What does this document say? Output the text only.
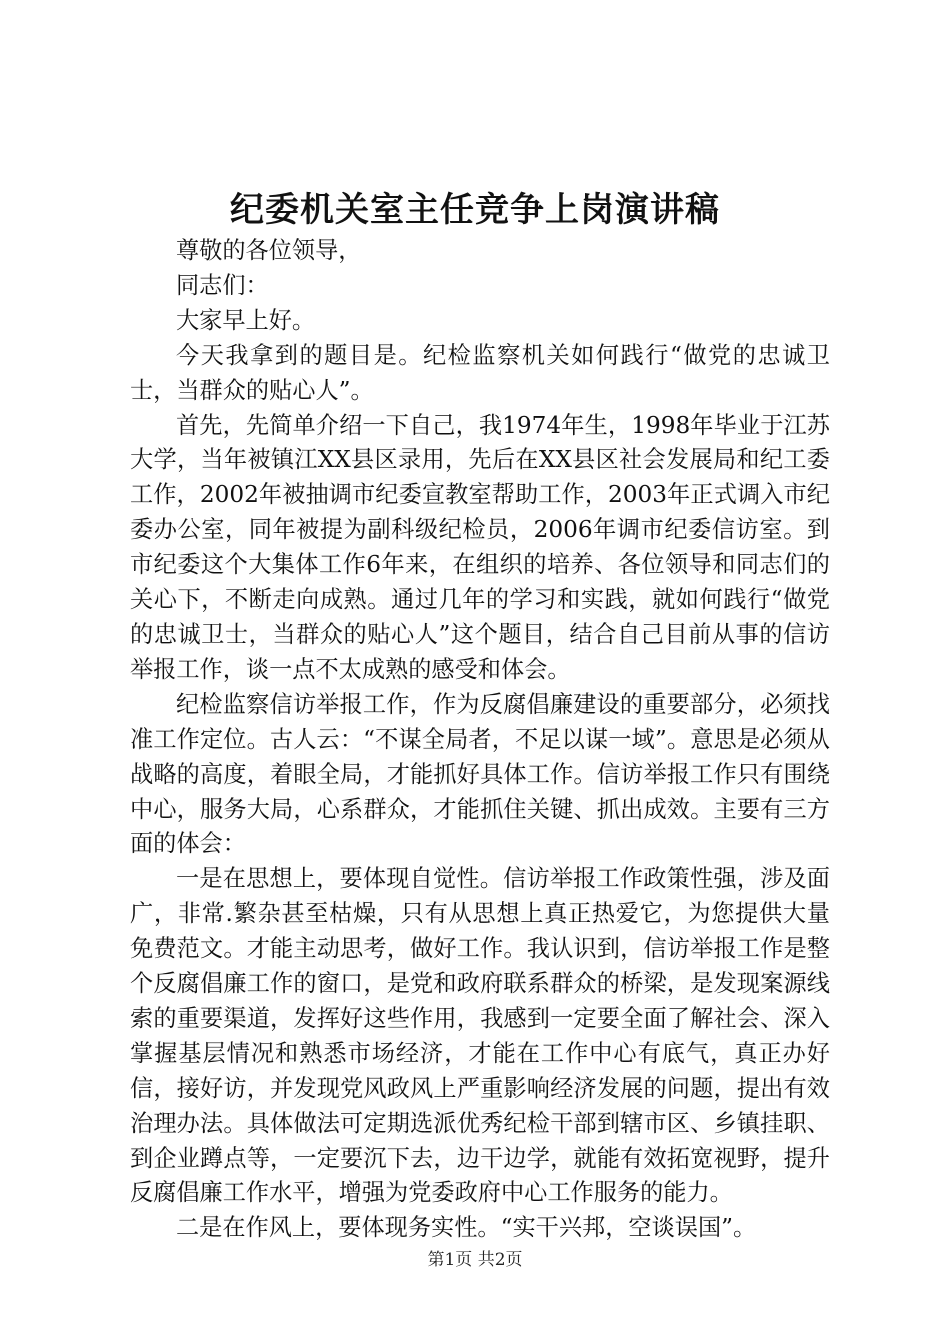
纪委机关室主任竞争上岗演讲稿

尊敬的各位领导，

同志们：

大家早上好。

今天我拿到的题目是。纪检监察机关如何践行“做党的忠诚卫士，当群众的贴心人”。

首先，先简单介绍一下自己，我1974年生，1998年毕业于江苏大学，当年被镇江XX县区录用，先后在XX县区社会发展局和纪工委工作，2002年被抽调市纪委宣教室帮助工作，2003年正式调入市纪委办公室，同年被提为副科级纪检员，2006年调市纪委信访室。到市纪委这个大集体工作6年来，在组织的培养、各位领导和同志们的关心下，不断走向成熟。通过几年的学习和实践，就如何践行“做党的忠诚卫士，当群众的贴心人”这个题目，结合自己目前从事的信访举报工作，谈一点不太成熟的感受和体会。

纪检监察信访举报工作，作为反腐倡廉建设的重要部分，必须找准工作定位。古人云：“不谋全局者，不足以谋一域”。意思是必须从战略的高度，着眼全局，才能抓好具体工作。信访举报工作只有围绕中心，服务大局，心系群众，才能抓住关键、抓出成效。主要有三方面的体会：

一是在思想上，要体现自觉性。信访举报工作政策性强，涉及面广，非常.繁杂甚至枯燥，只有从思想上真正热爱它，为您提供大量免费范文。才能主动思考，做好工作。我认识到，信访举报工作是整个反腐倡廉工作的窗口，是党和政府联系群众的桥梁，是发现案源线索的重要渠道，发挥好这些作用，我感到一定要全面了解社会、深入掌握基层情况和熟悉市场经济，才能在工作中心有底气，真正办好信，接好访，并发现党风政风上严重影响经济发展的问题，提出有效治理办法。具体做法可定期选派优秀纪检干部到辖市区、乡镇挂职、到企业蹲点等，一定要沉下去，边干边学，就能有效拓宽视野，提升反腐倡廉工作水平，增强为党委政府中心工作服务的能力。

二是在作风上，要体现务实性。“实干兴邦，空谈误国”。

第1页 共2页
